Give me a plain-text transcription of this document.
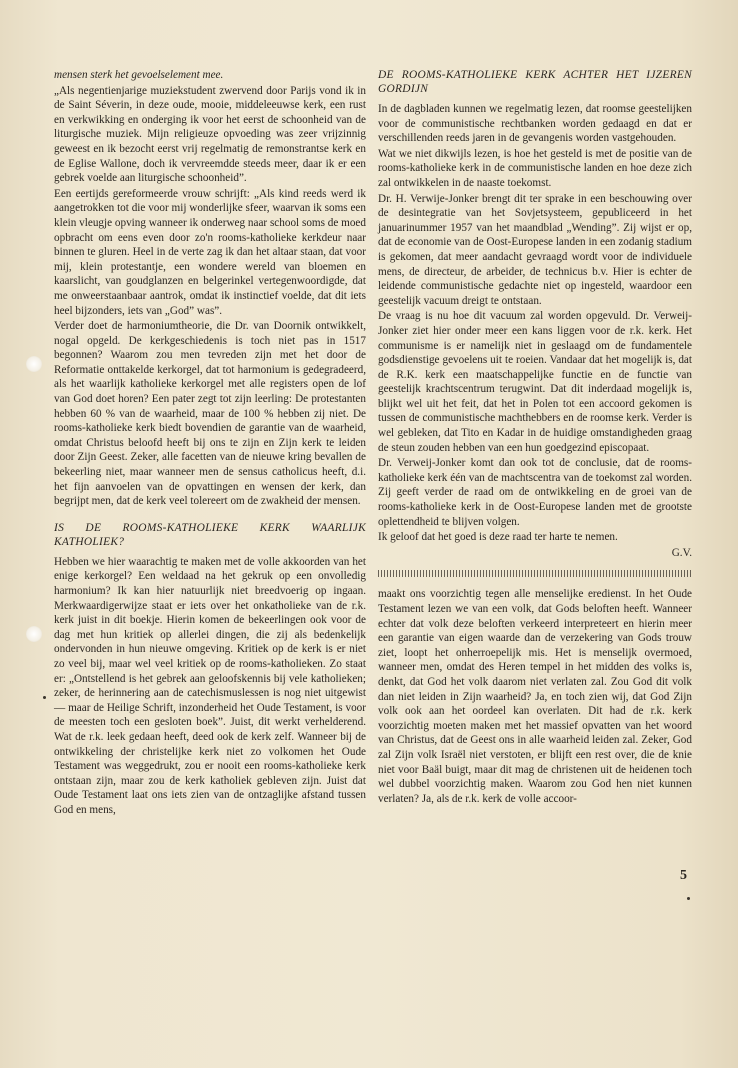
mensen sterk het gevoelselement mee.

„Als negentienjarige muziekstudent zwervend door Parijs vond ik in de Saint Séverin, in deze oude, mooie, middeleeuwse kerk, een rust en verkwikking en onderging ik voor het eerst de schoonheid van de liturgische muziek. Mijn religieuze opvoeding was zeer vrijzinnig geweest en ik bezocht eerst vrij regelmatig de remonstrantse kerk en de Eglise Wallone, doch ik vervreemdde steeds meer, daar ik er een gebrek voelde aan liturgische schoonheid”.

Een eertijds gereformeerde vrouw schrijft: „Als kind reeds werd ik aangetrokken tot die voor mij wonderlijke sfeer, waarvan ik soms een klein vleugje opving wanneer ik onderweg naar school soms de moed opbracht om eens even door zo'n rooms-katholieke kerkdeur naar binnen te gluren. Heel in de verte zag ik dan het altaar staan, dat voor mij, klein protestantje, een wondere wereld van bloemen en kaarslicht, van goudglanzen en belgerinkel vertegenwoordigde, dat me onweerstaanbaar aantrok, omdat ik instinctief voelde, dat dit iets heel bijzonders, iets van „God” was”.

Verder doet de harmoniumtheorie, die Dr. van Doornik ontwikkelt, nogal opgeld. De kerkgeschiedenis is toch niet pas in 1517 begonnen? Waarom zou men tevreden zijn met het door de Reformatie onttakelde kerkorgel, dat tot harmonium is gedegradeerd, als het waarlijk katholieke kerkorgel met alle registers open de lof van God doet horen? Een pater zegt tot zijn leerling: De protestanten hebben 60 % van de waarheid, maar de 100 % hebben zij niet. De rooms-katholieke kerk biedt bovendien de garantie van de waarheid, omdat Christus beloofd heeft bij ons te zijn en Zijn kerk te leiden door Zijn Geest. Zeker, alle facetten van de nieuwe kring bevallen de bekeerling niet, maar wanneer men de sensus catholicus heeft, d.i. het fijn aanvoelen van de opvattingen en wensen der kerk, dan begrijpt men, dat de kerk veel tolereert om de zwakheid der mensen.

IS DE ROOMS-KATHOLIEKE KERK WAARLIJK KATHOLIEK?

Hebben we hier waarachtig te maken met de volle akkoorden van het enige kerkorgel? Een weldaad na het gekruk op een onvolledig harmonium? Ik kan hier natuurlijk niet breedvoerig op ingaan. Merkwaardigerwijze staat er iets over het onkatholieke van de r.k. kerk juist in dit boekje. Hierin komen de bekeerlingen ook voor de dag met hun kritiek op allerlei dingen, die zij als bedenkelijk ondervonden in hun nieuwe omgeving. Kritiek op de kerk is er niet zo veel bij, maar wel veel kritiek op de rooms-katholieken. Zo staat er: „Ontstellend is het gebrek aan geloofskennis bij vele katholieken; zeker, de herinnering aan de catechismuslessen is nog niet uitgewist — maar de Heilige Schrift, inzonderheid het Oude Testament, is voor de meesten toch een gesloten boek”. Juist, dit werkt verhelderend. Wat de r.k. leek gedaan heeft, deed ook de kerk zelf. Wanneer bij de ontwikkeling der christelijke kerk niet zo volkomen het Oude Testament was weggedrukt, zou er nooit een rooms-katholieke kerk ontstaan zijn, maar zou de kerk katholiek gebleven zijn. Juist dat Oude Testament laat ons iets zien van de ontzaglijke afstand tussen God en mens,

DE ROOMS-KATHOLIEKE KERK ACHTER HET IJZEREN GORDIJN

In de dagbladen kunnen we regelmatig lezen, dat roomse geestelijken voor de communistische rechtbanken worden gedaagd en dat er verschillenden reeds jaren in de gevangenis worden vastgehouden.

Wat we niet dikwijls lezen, is hoe het gesteld is met de positie van de rooms-katholieke kerk in de communistische landen en hoe deze zich zal ontwikkelen in de naaste toekomst.

Dr. H. Verwije-Jonker brengt dit ter sprake in een beschouwing over de desintegratie van het Sovjetsysteem, gepubliceerd in het januarinummer 1957 van het maandblad „Wending”. Zij wijst er op, dat de economie van de Oost-Europese landen in een zodanig stadium is gekomen, dat meer aandacht gevraagd wordt voor de individuele mens, de directeur, de arbeider, de technicus b.v. Hier is echter de leidende communistische gedachte niet op ingesteld, waardoor een geestelijk vacuum dreigt te ontstaan.

De vraag is nu hoe dit vacuum zal worden opgevuld. Dr. Verweij-Jonker ziet hier onder meer een kans liggen voor de r.k. kerk. Het communisme is er namelijk niet in geslaagd om de fundamentele godsdienstige gevoelens uit te roeien. Vandaar dat het mogelijk is, dat de R.K. kerk een maatschappelijke functie en de functie van geestelijk krachtscentrum terugwint. Dat dit inderdaad mogelijk is, blijkt wel uit het feit, dat het in Polen tot een accoord gekomen is tussen de communistische machthebbers en de roomse kerk. Verder is wel gebleken, dat Tito en Kadar in de huidige omstandigheden graag de steun zouden hebben van een hun goedgezind episcopaat.

Dr. Verweij-Jonker komt dan ook tot de conclusie, dat de rooms-katholieke kerk één van de machtscentra van de toekomst zal worden. Zij geeft verder de raad om de ontwikkeling en de groei van de rooms-katholieke kerk in de Oost-Europese landen met de grootste oplettendheid te blijven volgen.

Ik geloof dat het goed is deze raad ter harte te nemen.

G.V.

maakt ons voorzichtig tegen alle menselijke eredienst. In het Oude Testament lezen we van een volk, dat Gods beloften heeft. Wanneer echter dat volk deze beloften verkeerd interpreteert en hierin meer een garantie van eigen waarde dan de verzekering van Gods trouw ziet, loopt het onherroepelijk mis. Het is menselijk overmoed, wanneer men, omdat des Heren tempel in het midden des volks is, denkt, dat God het volk daarom niet verlaten zal. Zou God dit volk dan niet leiden in Zijn waarheid? Ja, en toch zien wij, dat God Zijn volk ook aan het oordeel kan overlaten. Dit had de r.k. kerk voorzichtig moeten maken met het massief opvatten van het woord van Christus, dat de Geest ons in alle waarheid leiden zal. Zeker, God zal Zijn volk Israël niet verstoten, er blijft een rest over, die de knie niet voor Baäl buigt, maar dit mag de christenen uit de heidenen toch wel dubbel voorzichtig maken. Waarom zou God hen niet kunnen verlaten? Ja, als de r.k. kerk de volle accoor-

5
